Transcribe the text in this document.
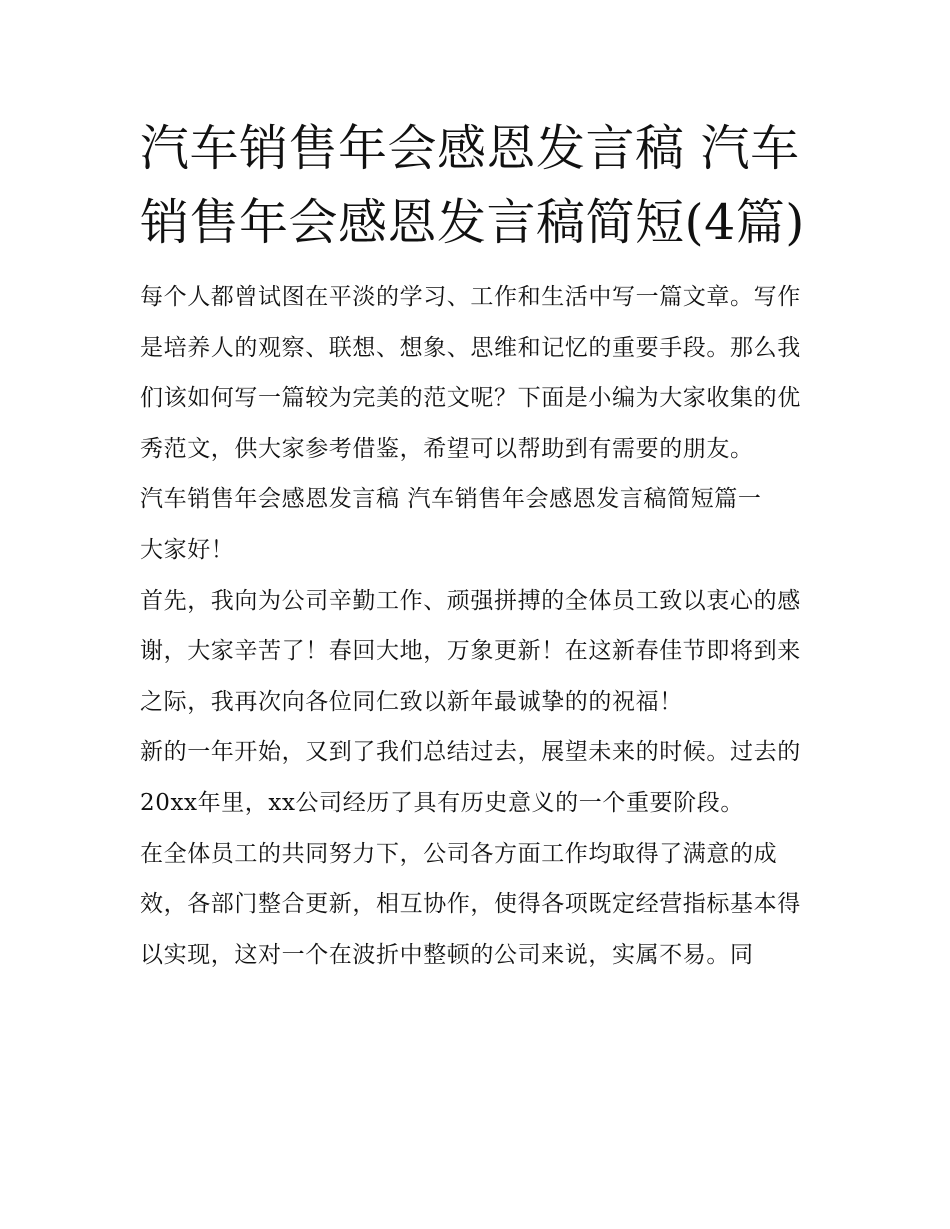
汽车销售年会感恩发言稿 汽车销售年会感恩发言稿简短(4篇)

每个人都曾试图在平淡的学习、工作和生活中写一篇文章。写作是培养人的观察、联想、想象、思维和记忆的重要手段。那么我们该如何写一篇较为完美的范文呢？下面是小编为大家收集的优秀范文，供大家参考借鉴，希望可以帮助到有需要的朋友。

汽车销售年会感恩发言稿 汽车销售年会感恩发言稿简短篇一

大家好！

首先，我向为公司辛勤工作、顽强拼搏的全体员工致以衷心的感谢，大家辛苦了！春回大地，万象更新！在这新春佳节即将到来之际，我再次向各位同仁致以新年最诚挚的的祝福！

新的一年开始，又到了我们总结过去，展望未来的时候。过去的20xx年里，xx公司经历了具有历史意义的一个重要阶段。

在全体员工的共同努力下，公司各方面工作均取得了满意的成效，各部门整合更新，相互协作，使得各项既定经营指标基本得以实现，这对一个在波折中整顿的公司来说，实属不易。同
